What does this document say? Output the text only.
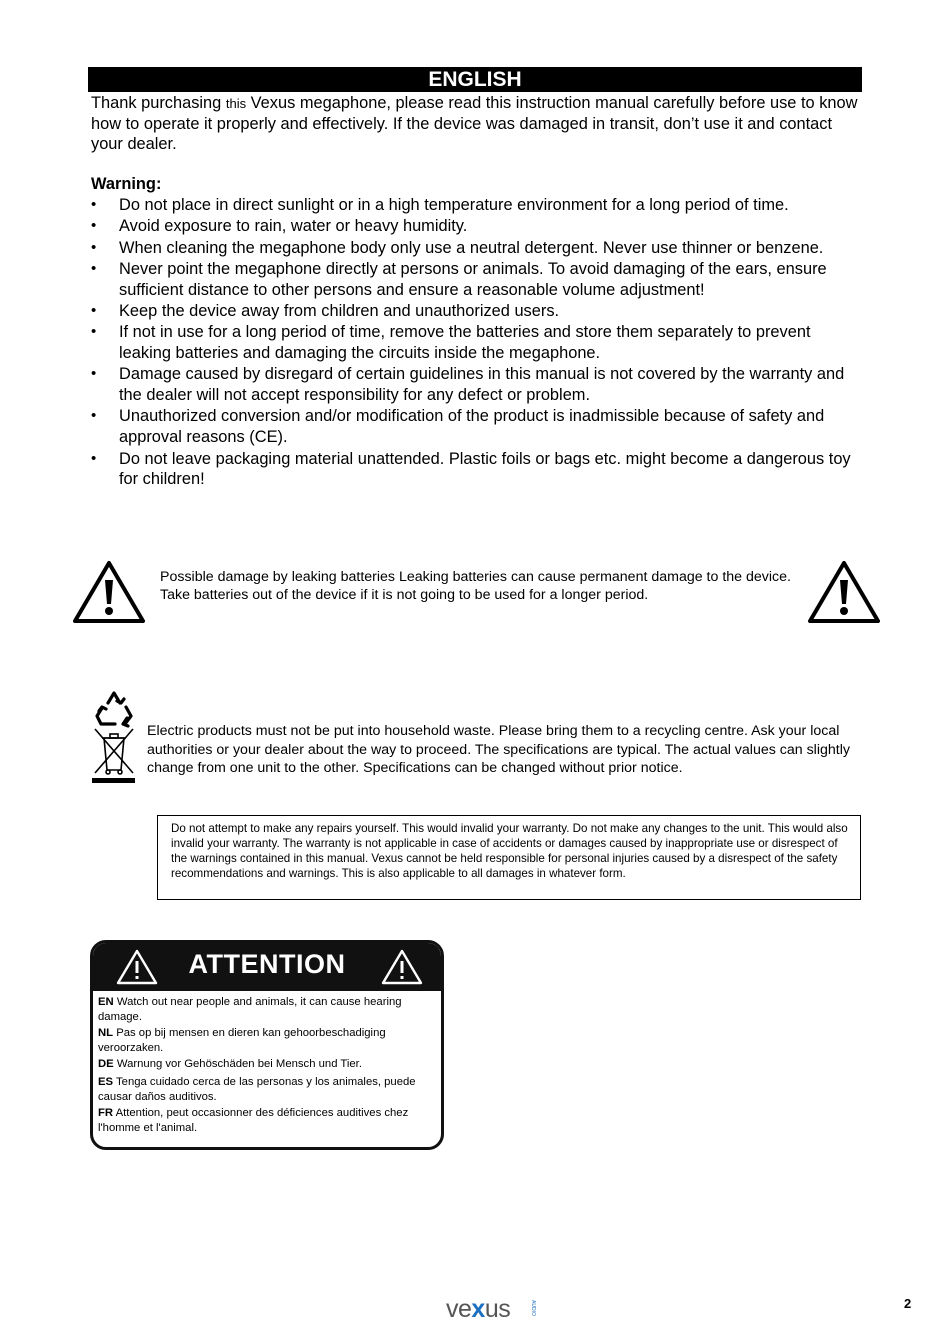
ENGLISH
Thank purchasing this Vexus megaphone, please read this instruction manual carefully before use to know how to operate it properly and effectively. If the device was damaged in transit, don’t use it and contact your dealer.
Warning:
• Do not place in direct sunlight or in a high temperature environment for a long period of time.
• Avoid exposure to rain, water or heavy humidity.
• When cleaning the megaphone body only use a neutral detergent. Never use thinner or benzene.
• Never point the megaphone directly at persons or animals. To avoid damaging of the ears, ensure sufficient distance to other persons and ensure a reasonable volume adjustment!
• Keep the device away from children and unauthorized users.
• If not in use for a long period of time, remove the batteries and store them separately to prevent leaking batteries and damaging the circuits inside the megaphone.
• Damage caused by disregard of certain guidelines in this manual is not covered by the warranty and the dealer will not accept responsibility for any defect or problem.
• Unauthorized conversion and/or modification of the product is inadmissible because of safety and approval reasons (CE).
• Do not leave packaging material unattended. Plastic foils or bags etc. might become a dangerous toy for children!
Possible damage by leaking batteries Leaking batteries can cause permanent damage to the device. Take batteries out of the device if it is not going to be used for a longer period.
Electric products must not be put into household waste. Please bring them to a recycling centre. Ask your local authorities or your dealer about the way to proceed. The specifications are typical. The actual values can slightly change from one unit to the other. Specifications can be changed without prior notice.
Do not attempt to make any repairs yourself. This would invalid your warranty. Do not make any changes to the unit. This would also invalid your warranty. The warranty is not applicable in case of accidents or damages caused by inappropriate use or disrespect of the warnings contained in this manual. Vexus cannot be held responsible for personal injuries caused by a disrespect of the safety recommendations and warnings. This is also applicable to all damages in whatever form.
ATTENTION
EN Watch out near people and animals, it can cause hearing damage.
NL Pas op bij mensen en dieren kan gehoorbeschadiging veroorzaken.
DE Warnung vor Gehöschäden bei Mensch und Tier.
ES Tenga cuidado cerca de las personas y los animales, puede causar daños auditivos.
FR Attention, peut occasionner des déficiences auditives chez l'homme et l'animal.
vexus	AUDIO	2
